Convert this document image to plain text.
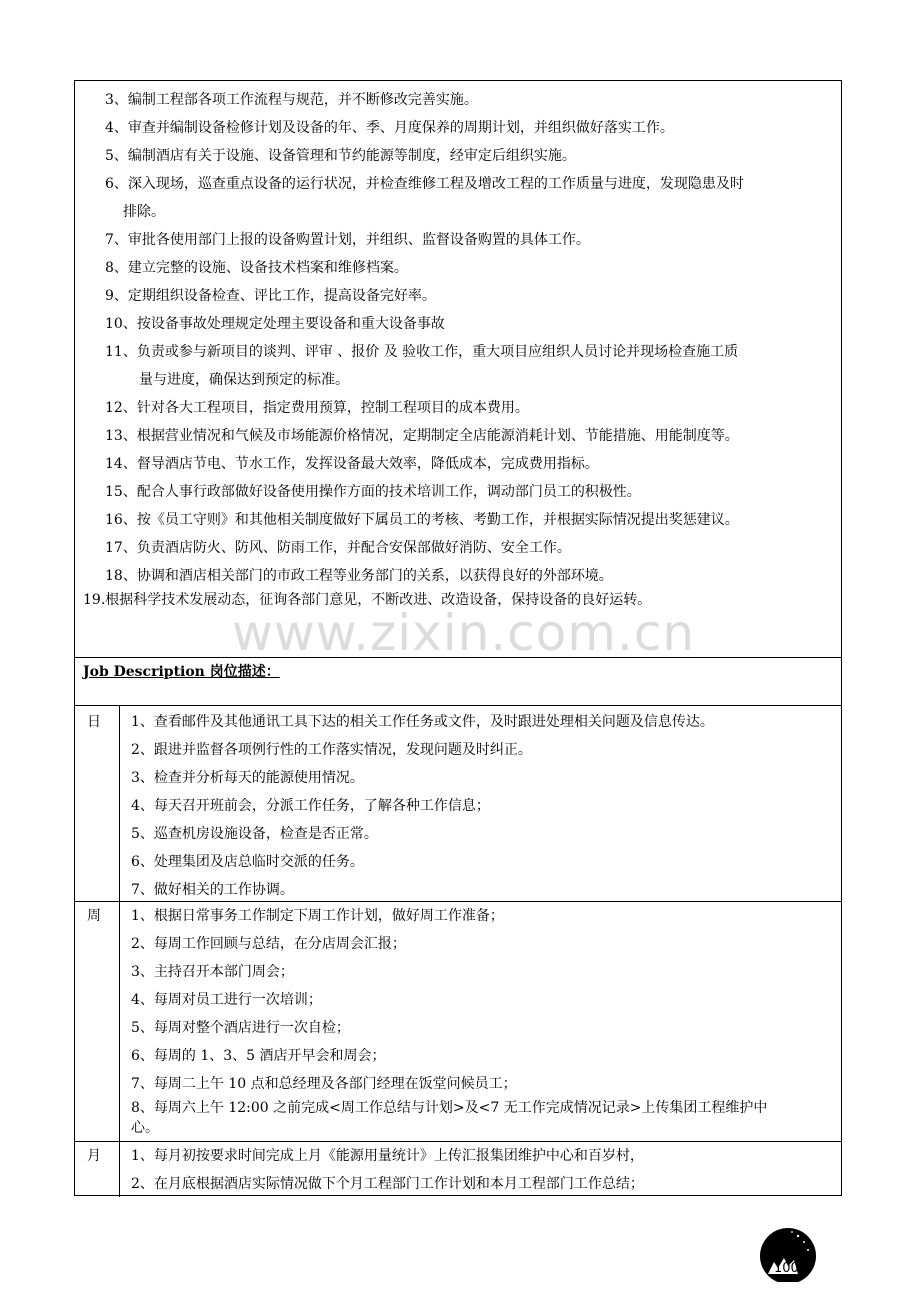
3、编制工程部各项工作流程与规范，并不断修改完善实施。
4、审查并编制设备检修计划及设备的年、季、月度保养的周期计划，并组织做好落实工作。
5、编制酒店有关于设施、设备管理和节约能源等制度，经审定后组织实施。
6、深入现场，巡查重点设备的运行状况，并检查维修工程及增改工程的工作质量与进度，发现隐患及时
排除。
7、审批各使用部门上报的设备购置计划，并组织、监督设备购置的具体工作。
8、建立完整的设施、设备技术档案和维修档案。
9、定期组织设备检查、评比工作，提高设备完好率。
10、按设备事故处理规定处理主要设备和重大设备事故
11、负责或参与新项目的谈判、评审 、报价 及 验收工作，重大项目应组织人员讨论并现场检查施工质
量与进度，确保达到预定的标准。
12、针对各大工程项目，指定费用预算，控制工程项目的成本费用。
13、根据营业情况和气候及市场能源价格情况，定期制定全店能源消耗计划、节能措施、用能制度等。
14、督导酒店节电、节水工作，发挥设备最大效率，降低成本，完成费用指标。
15、配合人事行政部做好设备使用操作方面的技术培训工作，调动部门员工的积极性。
16、按《员工守则》和其他相关制度做好下属员工的考核、考勤工作，并根据实际情况提出奖惩建议。
17、负责酒店防火、防风、防雨工作，并配合安保部做好消防、安全工作。
18、协调和酒店相关部门的市政工程等业务部门的关系，以获得良好的外部环境。
19.根据科学技术发展动态，征询各部门意见，不断改进、改造设备，保持设备的良好运转。
Job Description 岗位描述：
日 1、查看邮件及其他通讯工具下达的相关工作任务或文件，及时跟进处理相关问题及信息传达。
2、跟进并监督各项例行性的工作落实情况，发现问题及时纠正。
3、检查并分析每天的能源使用情况。
4、每天召开班前会，分派工作任务，了解各种工作信息；
5、巡查机房设施设备，检查是否正常。
6、处理集团及店总临时交派的任务。
7、做好相关的工作协调。
周 1、根据日常事务工作制定下周工作计划，做好周工作准备；
2、每周工作回顾与总结，在分店周会汇报；
3、主持召开本部门周会；
4、每周对员工进行一次培训；
5、每周对整个酒店进行一次自检；
6、每周的 1、3、5 酒店开早会和周会；
7、每周二上午 10 点和总经理及各部门经理在饭堂问候员工；
8、每周六上午 12:00 之前完成<周工作总结与计划>及<7 无工作完成情况记录>上传集团工程维护中
心。
月 1、每月初按要求时间完成上月《能源用量统计》上传汇报集团维护中心和百岁村，
2、在月底根据酒店实际情况做下个月工程部门工作计划和本月工程部门工作总结；
www.zixin.com.cn
1001
